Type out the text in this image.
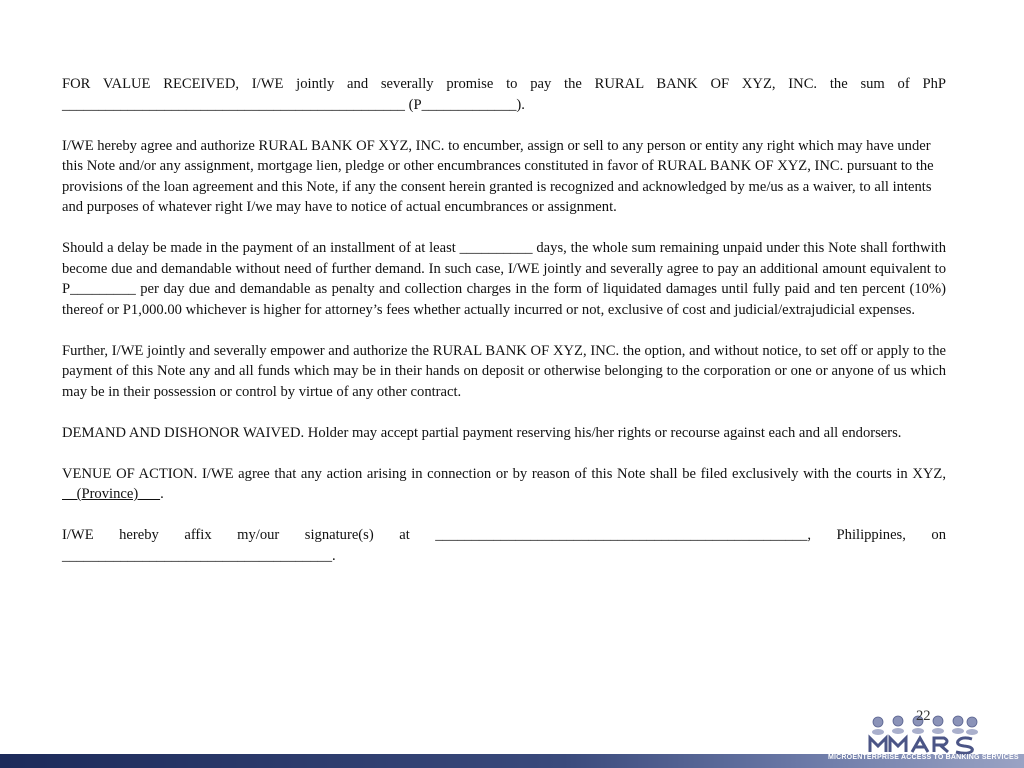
FOR VALUE RECEIVED, I/WE jointly and severally promise to pay the RURAL BANK OF XYZ, INC. the sum of PhP

_______________________________________________ (P_____________).

I/WE hereby agree and authorize RURAL BANK OF XYZ, INC. to encumber, assign or sell to any person or entity any right which may have under this Note and/or any assignment, mortgage lien, pledge or other encumbrances constituted in favor of RURAL BANK OF XYZ, INC. pursuant to the provisions of the loan agreement and this Note, if any the consent herein granted is recognized and acknowledged by me/us as a waiver, to all intents and purposes of whatever right I/we may have to notice of actual encumbrances or assignment.

Should a delay be made in the payment of an installment of at least __________ days, the whole sum remaining unpaid under this Note shall forthwith become due and demandable without need of further demand. In such case, I/WE jointly and severally agree to pay an additional amount equivalent to P_________ per day due and demandable as penalty and collection charges in the form of liquidated damages until fully paid and ten percent (10%) thereof or P1,000.00 whichever is higher for attorney’s fees whether actually incurred or not, exclusive of cost and judicial/extrajudicial expenses.

Further, I/WE jointly and severally empower and authorize the RURAL BANK OF XYZ, INC. the option, and without notice, to set off or apply to the payment of this Note any and all funds which may be in their hands on deposit or otherwise belonging to the corporation or one or anyone of us which may be in their possession or control by virtue of any other contract.

DEMAND AND DISHONOR WAIVED. Holder may accept partial payment reserving his/her rights or recourse against each and all endorsers.

VENUE OF ACTION. I/WE agree that any action arising in connection or by reason of this Note shall be filed exclusively with the courts in XYZ,     (Province)      .

I/WE hereby affix my/our signature(s) at ___________________________________________________, Philippines, on

_____________________________________.

MICROENTERPRISE ACCESS TO BANKING SERVICES
22
